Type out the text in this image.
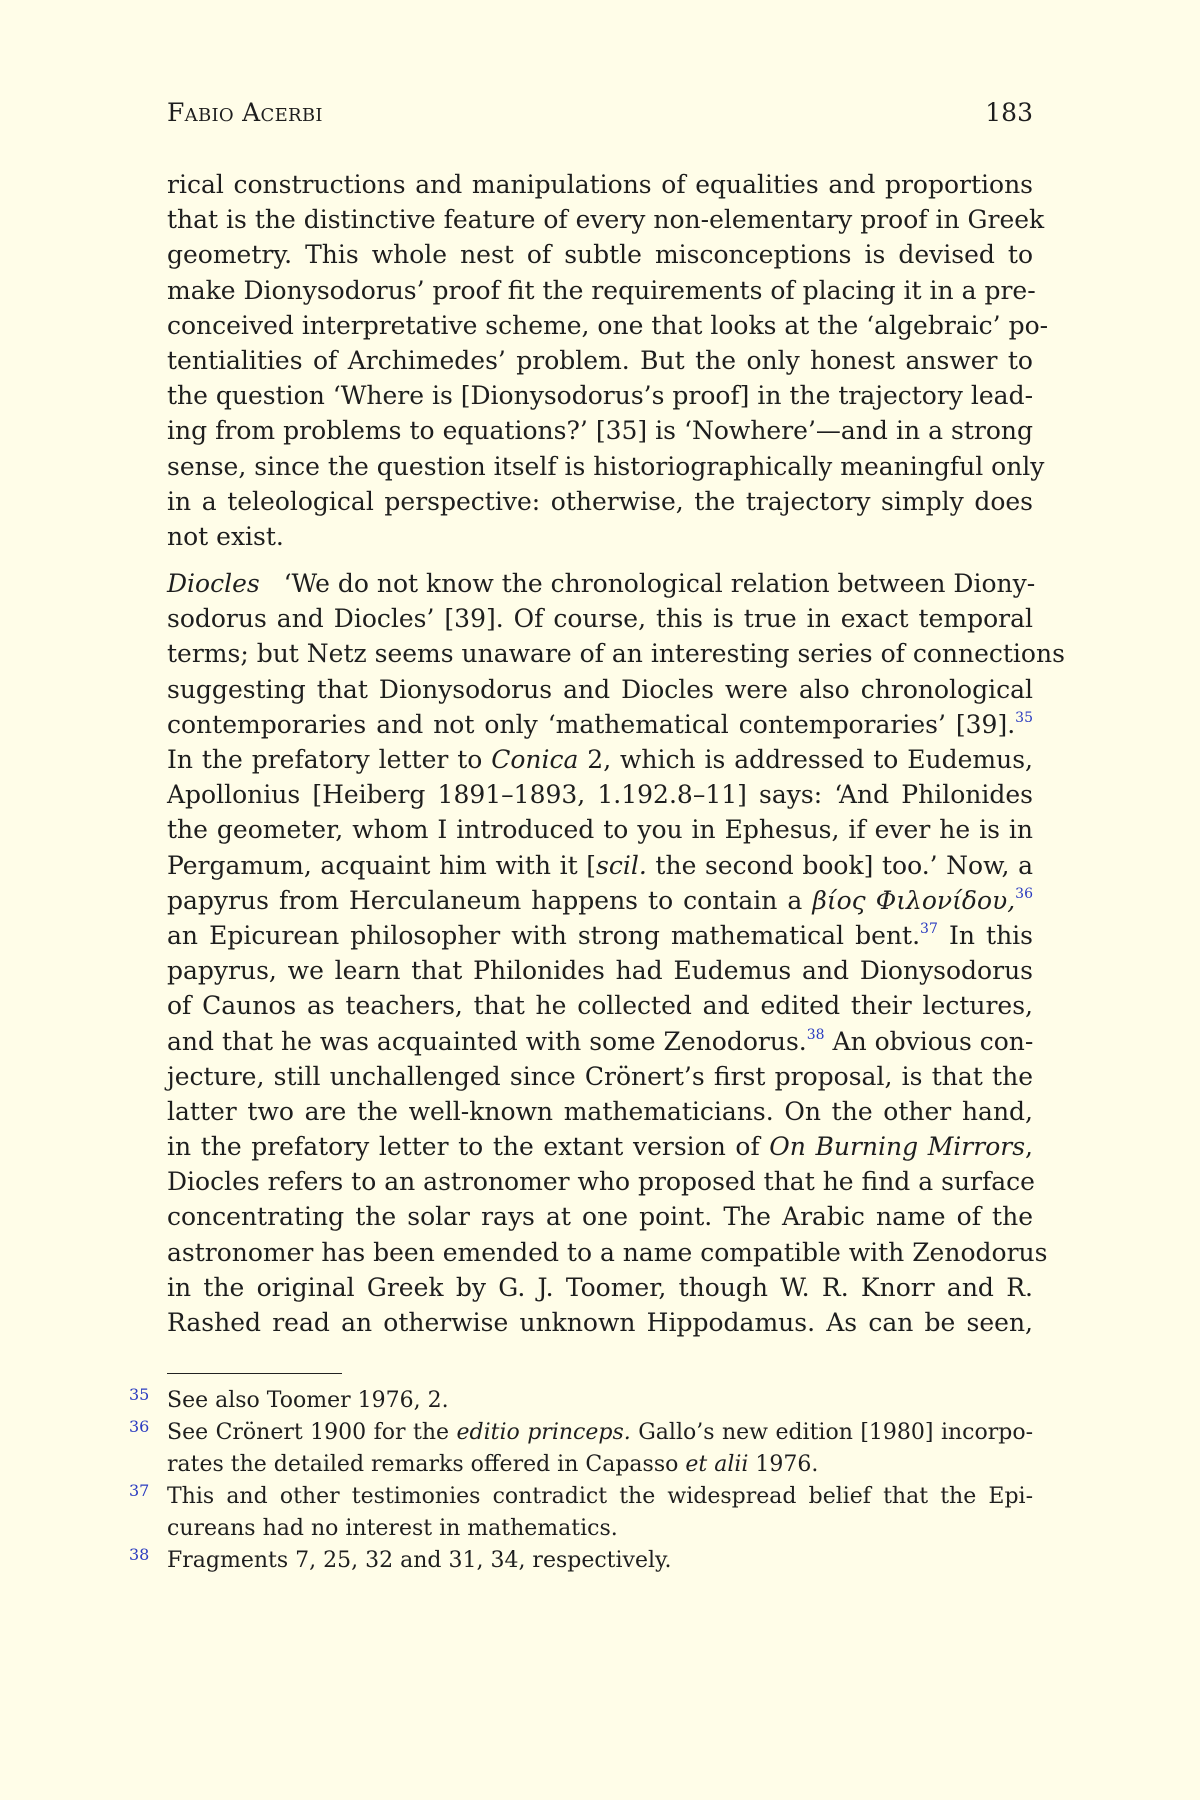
Fabio Acerbi	183
rical constructions and manipulations of equalities and proportions
that is the distinctive feature of every non-elementary proof in Greek
geometry. This whole nest of subtle misconceptions is devised to
make Dionysodorus’ proof fit the requirements of placing it in a pre-
conceived interpretative scheme, one that looks at the ‘algebraic’ po-
tentialities of Archimedes’ problem. But the only honest answer to
the question ‘Where is [Dionysodorus’s proof] in the trajectory lead-
ing from problems to equations?’ [35] is ‘Nowhere’—and in a strong
sense, since the question itself is historiographically meaningful only
in a teleological perspective: otherwise, the trajectory simply does
not exist.
Diocles ‘We do not know the chronological relation between Diony-
sodorus and Diocles’ [39]. Of course, this is true in exact temporal
terms; but Netz seems unaware of an interesting series of connections
suggesting that Dionysodorus and Diocles were also chronological
contemporaries and not only ‘mathematical contemporaries’ [39].$^{35}$
In the prefatory letter to Conica 2, which is addressed to Eudemus,
Apollonius [Heiberg 1891–1893, 1.192.8–11] says: ‘And Philonides
the geometer, whom I introduced to you in Ephesus, if ever he is in
Pergamum, acquaint him with it [scil. the second book] too.’ Now, a
papyrus from Herculaneum happens to contain a βίος Φιλονίδου,$^{36}$
an Epicurean philosopher with strong mathematical bent.$^{37}$ In this
papyrus, we learn that Philonides had Eudemus and Dionysodorus
of Caunos as teachers, that he collected and edited their lectures,
and that he was acquainted with some Zenodorus.$^{38}$ An obvious con-
jecture, still unchallenged since Crönert’s first proposal, is that the
latter two are the well-known mathematicians. On the other hand,
in the prefatory letter to the extant version of On Burning Mirrors,
Diocles refers to an astronomer who proposed that he find a surface
concentrating the solar rays at one point. The Arabic name of the
astronomer has been emended to a name compatible with Zenodorus
in the original Greek by G. J. Toomer, though W. R. Knorr and R.
Rashed read an otherwise unknown Hippodamus. As can be seen,
35 See also Toomer 1976, 2.
36 See Crönert 1900 for the editio princeps. Gallo’s new edition [1980] incorpo-
rates the detailed remarks offered in Capasso et alii 1976.
37 This and other testimonies contradict the widespread belief that the Epi-
cureans had no interest in mathematics.
38 Fragments 7, 25, 32 and 31, 34, respectively.
